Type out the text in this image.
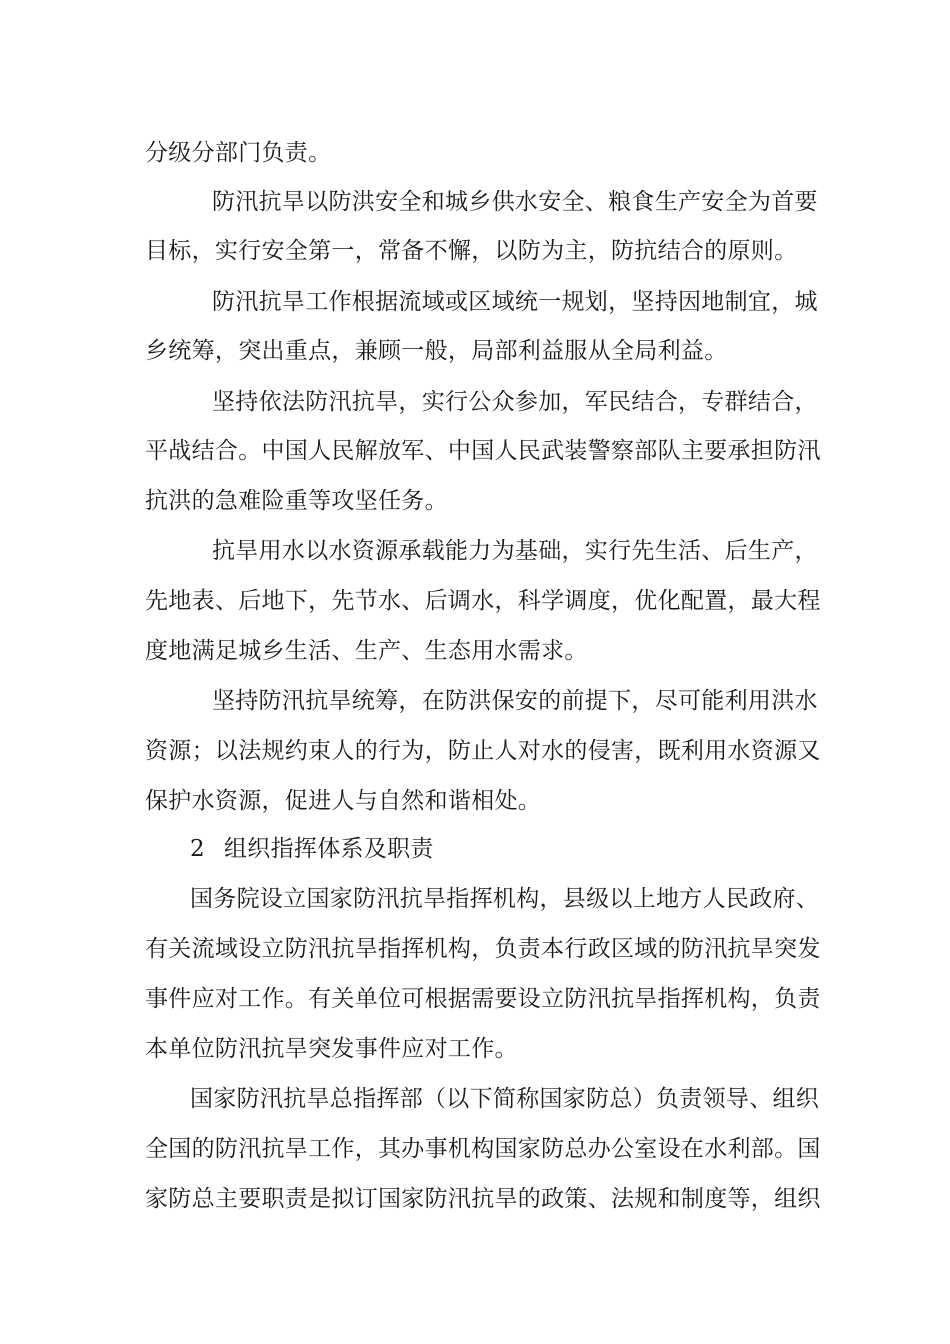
分级分部门负责。
防汛抗旱以防洪安全和城乡供水安全、粮食生产安全为首要
目标，实行安全第一，常备不懈，以防为主，防抗结合的原则。
防汛抗旱工作根据流域或区域统一规划，坚持因地制宜，城
乡统筹，突出重点，兼顾一般，局部利益服从全局利益。
坚持依法防汛抗旱，实行公众参加，军民结合，专群结合，
平战结合。中国人民解放军、中国人民武装警察部队主要承担防汛
抗洪的急难险重等攻坚任务。
抗旱用水以水资源承载能力为基础，实行先生活、后生产，
先地表、后地下，先节水、后调水，科学调度，优化配置，最大程
度地满足城乡生活、生产、生态用水需求。
坚持防汛抗旱统筹，在防洪保安的前提下，尽可能利用洪水
资源；以法规约束人的行为，防止人对水的侵害，既利用水资源又
保护水资源，促进人与自然和谐相处。
2 组织指挥体系及职责
国务院设立国家防汛抗旱指挥机构，县级以上地方人民政府、
有关流域设立防汛抗旱指挥机构，负责本行政区域的防汛抗旱突发
事件应对工作。有关单位可根据需要设立防汛抗旱指挥机构，负责
本单位防汛抗旱突发事件应对工作。
国家防汛抗旱总指挥部（以下简称国家防总）负责领导、组织
全国的防汛抗旱工作，其办事机构国家防总办公室设在水利部。国
家防总主要职责是拟订国家防汛抗旱的政策、法规和制度等，组织
